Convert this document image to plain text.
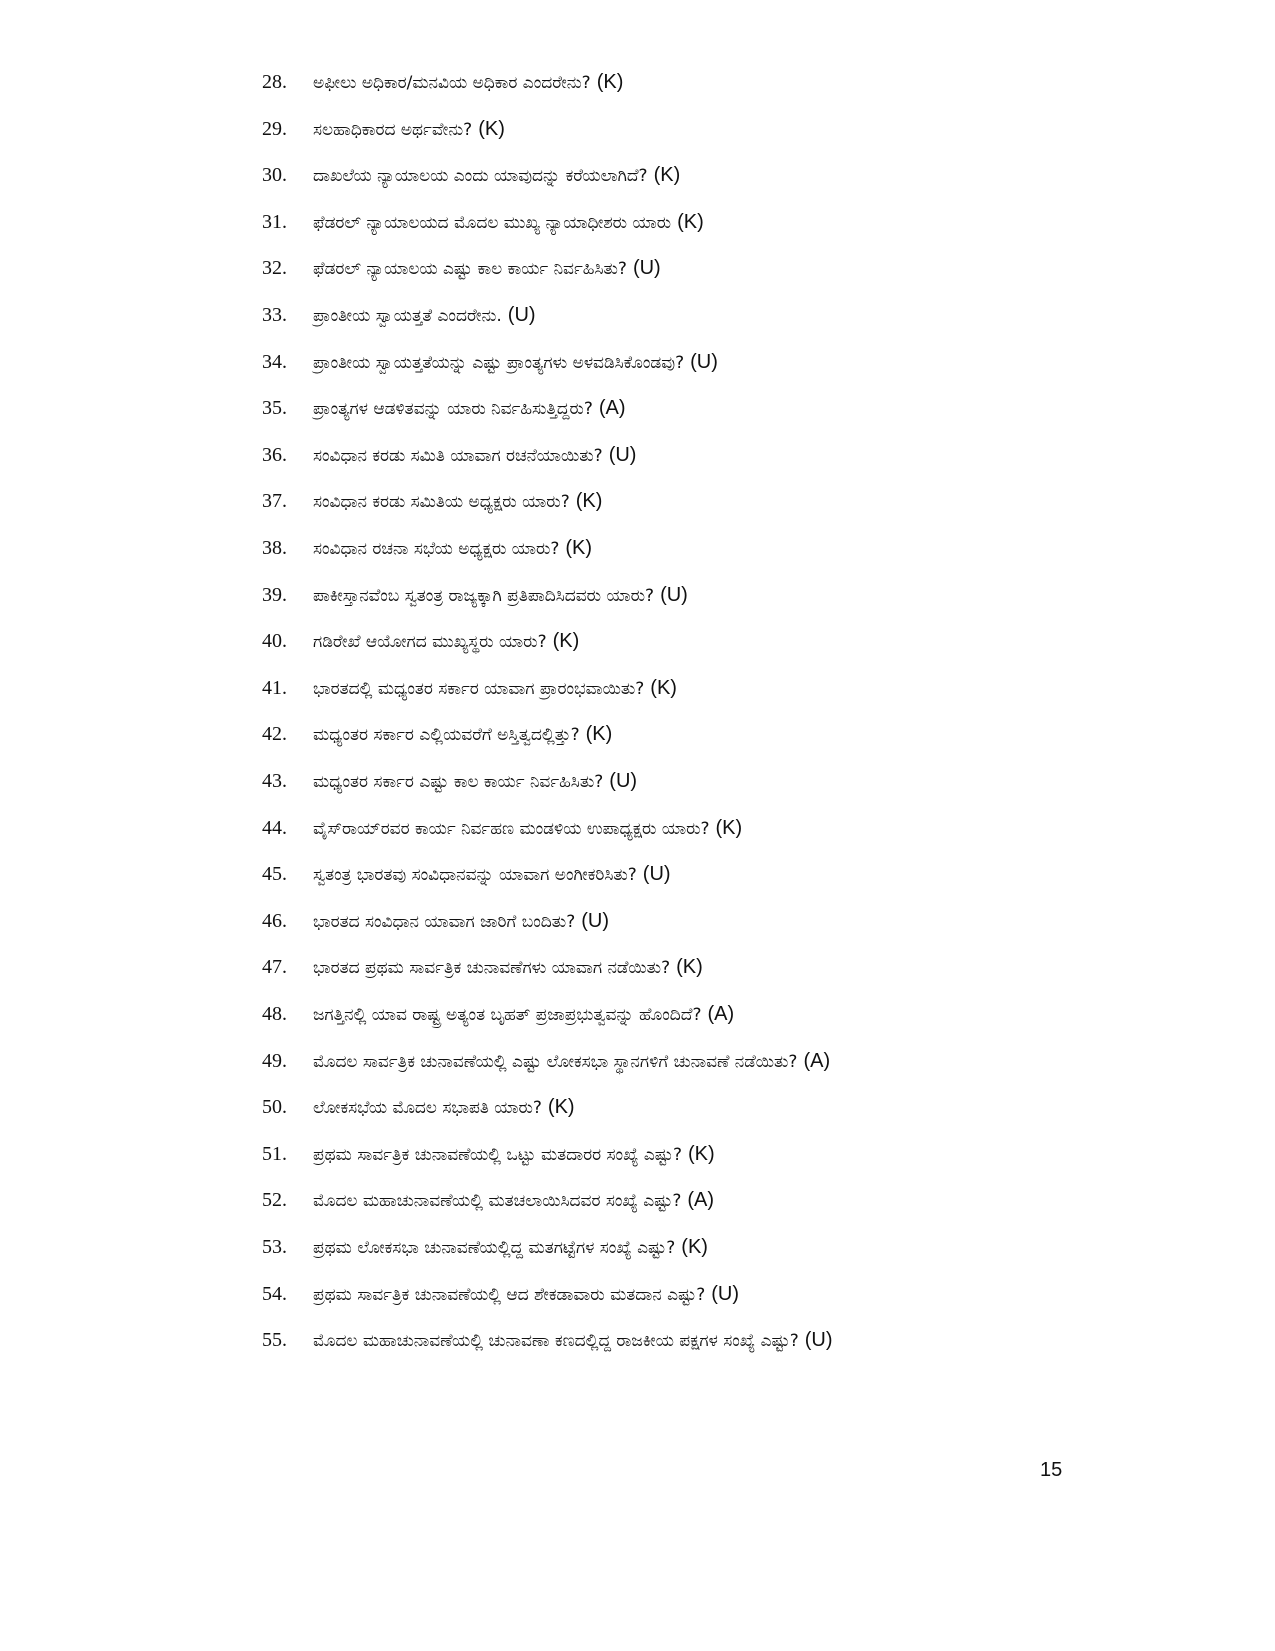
28. ಅಫೀಲು ಅಧಿಕಾರ/ಮನವಿಯ ಅಧಿಕಾರ ಎಂದರೇನು? (K)
29. ಸಲಹಾಧಿಕಾರದ ಅರ್ಥವೇನು? (K)
30. ದಾಖಲೆಯ ನ್ಯಾಯಾಲಯ ಎಂದು ಯಾವುದನ್ನು ಕರೆಯಲಾಗಿದೆ? (K)
31. ಫೆಡರಲ್ ನ್ಯಾಯಾಲಯದ ಮೊದಲ ಮುಖ್ಯ ನ್ಯಾಯಾಧೀಶರು ಯಾರು (K)
32. ಫೆಡರಲ್ ನ್ಯಾಯಾಲಯ ಎಷ್ಟು ಕಾಲ ಕಾರ್ಯ ನಿರ್ವಹಿಸಿತು? (U)
33. ಪ್ರಾಂತೀಯ ಸ್ವಾಯತ್ತತೆ ಎಂದರೇನು. (U)
34. ಪ್ರಾಂತೀಯ ಸ್ವಾಯತ್ತತೆಯನ್ನು ಎಷ್ಟು ಪ್ರಾಂತ್ಯಗಳು ಅಳವಡಿಸಿಕೊಂಡವು? (U)
35. ಪ್ರಾಂತ್ಯಗಳ ಆಡಳಿತವನ್ನು ಯಾರು ನಿರ್ವಹಿಸುತ್ತಿದ್ದರು? (A)
36. ಸಂವಿಧಾನ ಕರಡು ಸಮಿತಿ ಯಾವಾಗ ರಚನೆಯಾಯಿತು? (U)
37. ಸಂವಿಧಾನ ಕರಡು ಸಮಿತಿಯ ಅಧ್ಯಕ್ಷರು ಯಾರು? (K)
38. ಸಂವಿಧಾನ ರಚನಾ ಸಭೆಯ ಅಧ್ಯಕ್ಷರು ಯಾರು? (K)
39. ಪಾಕೀಸ್ತಾನವೆಂಬ ಸ್ವತಂತ್ರ ರಾಜ್ಯಕ್ಕಾಗಿ ಪ್ರತಿಪಾದಿಸಿದವರು ಯಾರು? (U)
40. ಗಡಿರೇಖೆ ಆಯೋಗದ ಮುಖ್ಯಸ್ಥರು ಯಾರು? (K)
41. ಭಾರತದಲ್ಲಿ ಮಧ್ಯಂತರ ಸರ್ಕಾರ ಯಾವಾಗ ಪ್ರಾರಂಭವಾಯಿತು? (K)
42. ಮಧ್ಯಂತರ ಸರ್ಕಾರ ಎಲ್ಲಿಯವರೆಗೆ ಅಸ್ತಿತ್ವದಲ್ಲಿತ್ತು? (K)
43. ಮಧ್ಯಂತರ ಸರ್ಕಾರ ಎಷ್ಟು ಕಾಲ ಕಾರ್ಯ ನಿರ್ವಹಿಸಿತು? (U)
44. ವೈಸ್‌ರಾಯ್‌ರವರ ಕಾರ್ಯ ನಿರ್ವಹಣ ಮಂಡಳಿಯ ಉಪಾಧ್ಯಕ್ಷರು ಯಾರು? (K)
45. ಸ್ವತಂತ್ರ ಭಾರತವು ಸಂವಿಧಾನವನ್ನು ಯಾವಾಗ ಅಂಗೀಕರಿಸಿತು? (U)
46. ಭಾರತದ ಸಂವಿಧಾನ ಯಾವಾಗ ಜಾರಿಗೆ ಬಂದಿತು? (U)
47. ಭಾರತದ ಪ್ರಥಮ ಸಾರ್ವತ್ರಿಕ ಚುನಾವಣೆಗಳು ಯಾವಾಗ ನಡೆಯಿತು? (K)
48. ಜಗತ್ತಿನಲ್ಲಿ ಯಾವ ರಾಷ್ಟ್ರ ಅತ್ಯಂತ ಬೃಹತ್ ಪ್ರಜಾಪ್ರಭುತ್ವವನ್ನು ಹೊಂದಿದೆ? (A)
49. ಮೊದಲ ಸಾರ್ವತ್ರಿಕ ಚುನಾವಣೆಯಲ್ಲಿ ಎಷ್ಟು ಲೋಕಸಭಾ ಸ್ಥಾನಗಳಿಗೆ ಚುನಾವಣೆ ನಡೆಯಿತು? (A)
50. ಲೋಕಸಭೆಯ ಮೊದಲ ಸಭಾಪತಿ ಯಾರು? (K)
51. ಪ್ರಥಮ ಸಾರ್ವತ್ರಿಕ ಚುನಾವಣೆಯಲ್ಲಿ ಒಟ್ಟು ಮತದಾರರ ಸಂಖ್ಯೆ ಎಷ್ಟು? (K)
52. ಮೊದಲ ಮಹಾಚುನಾವಣೆಯಲ್ಲಿ ಮತಚಲಾಯಿಸಿದವರ ಸಂಖ್ಯೆ ಎಷ್ಟು? (A)
53. ಪ್ರಥಮ ಲೋಕಸಭಾ ಚುನಾವಣೆಯಲ್ಲಿದ್ದ ಮತಗಟ್ಟೆಗಳ ಸಂಖ್ಯೆ ಎಷ್ಟು? (K)
54. ಪ್ರಥಮ ಸಾರ್ವತ್ರಿಕ ಚುನಾವಣೆಯಲ್ಲಿ ಆದ ಶೇಕಡಾವಾರು ಮತದಾನ ಎಷ್ಟು? (U)
55. ಮೊದಲ ಮಹಾಚುನಾವಣೆಯಲ್ಲಿ ಚುನಾವಣಾ ಕಣದಲ್ಲಿದ್ದ ರಾಜಕೀಯ ಪಕ್ಷಗಳ ಸಂಖ್ಯೆ ಎಷ್ಟು? (U)
15
